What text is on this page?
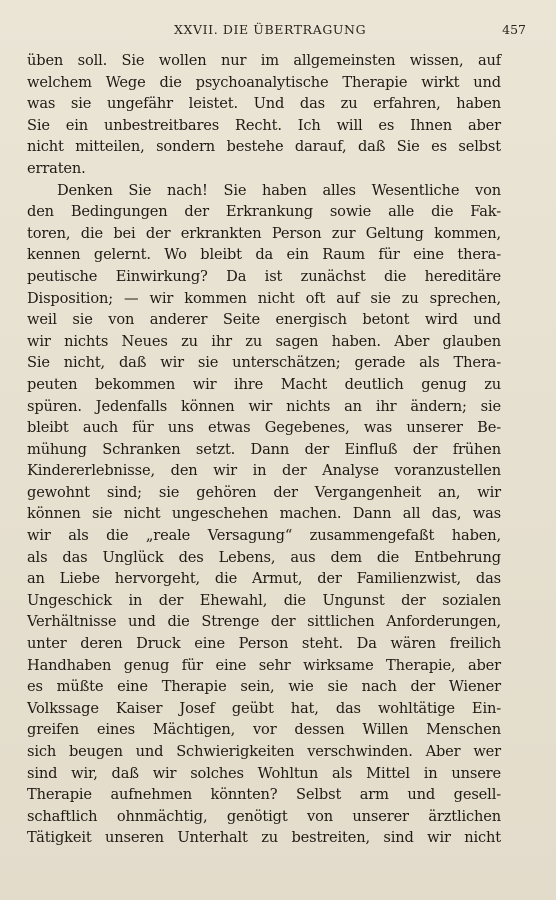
XXVII. DIE ÜBERTRAGUNG	457
üben soll. Sie wollen nur im allgemeinsten wissen, auf
welchem Wege die psychoanalytische Therapie wirkt und
was sie ungefähr leistet. Und das zu erfahren, haben
Sie ein unbestreitbares Recht. Ich will es Ihnen aber
nicht mitteilen, sondern bestehe darauf, daß Sie es selbst
erraten.
Denken Sie nach! Sie haben alles Wesentliche von
den Bedingungen der Erkrankung sowie alle die Fak-
toren, die bei der erkrankten Person zur Geltung kommen,
kennen gelernt. Wo bleibt da ein Raum für eine thera-
peutische Einwirkung? Da ist zunächst die hereditäre
Disposition; — wir kommen nicht oft auf sie zu sprechen,
weil sie von anderer Seite energisch betont wird und
wir nichts Neues zu ihr zu sagen haben. Aber glauben
Sie nicht, daß wir sie unterschätzen; gerade als Thera-
peuten bekommen wir ihre Macht deutlich genug zu
spüren. Jedenfalls können wir nichts an ihr ändern; sie
bleibt auch für uns etwas Gegebenes, was unserer Be-
mühung Schranken setzt. Dann der Einfluß der frühen
Kindererlebnisse, den wir in der Analyse voranzustellen
gewohnt sind; sie gehören der Vergangenheit an, wir
können sie nicht ungeschehen machen. Dann all das, was
wir als die „reale Versagung“ zusammengefaßt haben,
als das Unglück des Lebens, aus dem die Entbehrung
an Liebe hervorgeht, die Armut, der Familienzwist, das
Ungeschick in der Ehewahl, die Ungunst der sozialen
Verhältnisse und die Strenge der sittlichen Anforderungen,
unter deren Druck eine Person steht. Da wären freilich
Handhaben genug für eine sehr wirksame Therapie, aber
es müßte eine Therapie sein, wie sie nach der Wiener
Volkssage Kaiser Josef geübt hat, das wohltätige Ein-
greifen eines Mächtigen, vor dessen Willen Menschen
sich beugen und Schwierigkeiten verschwinden. Aber wer
sind wir, daß wir solches Wohltun als Mittel in unsere
Therapie aufnehmen könnten? Selbst arm und gesell-
schaftlich ohnmächtig, genötigt von unserer ärztlichen
Tätigkeit unseren Unterhalt zu bestreiten, sind wir nicht
